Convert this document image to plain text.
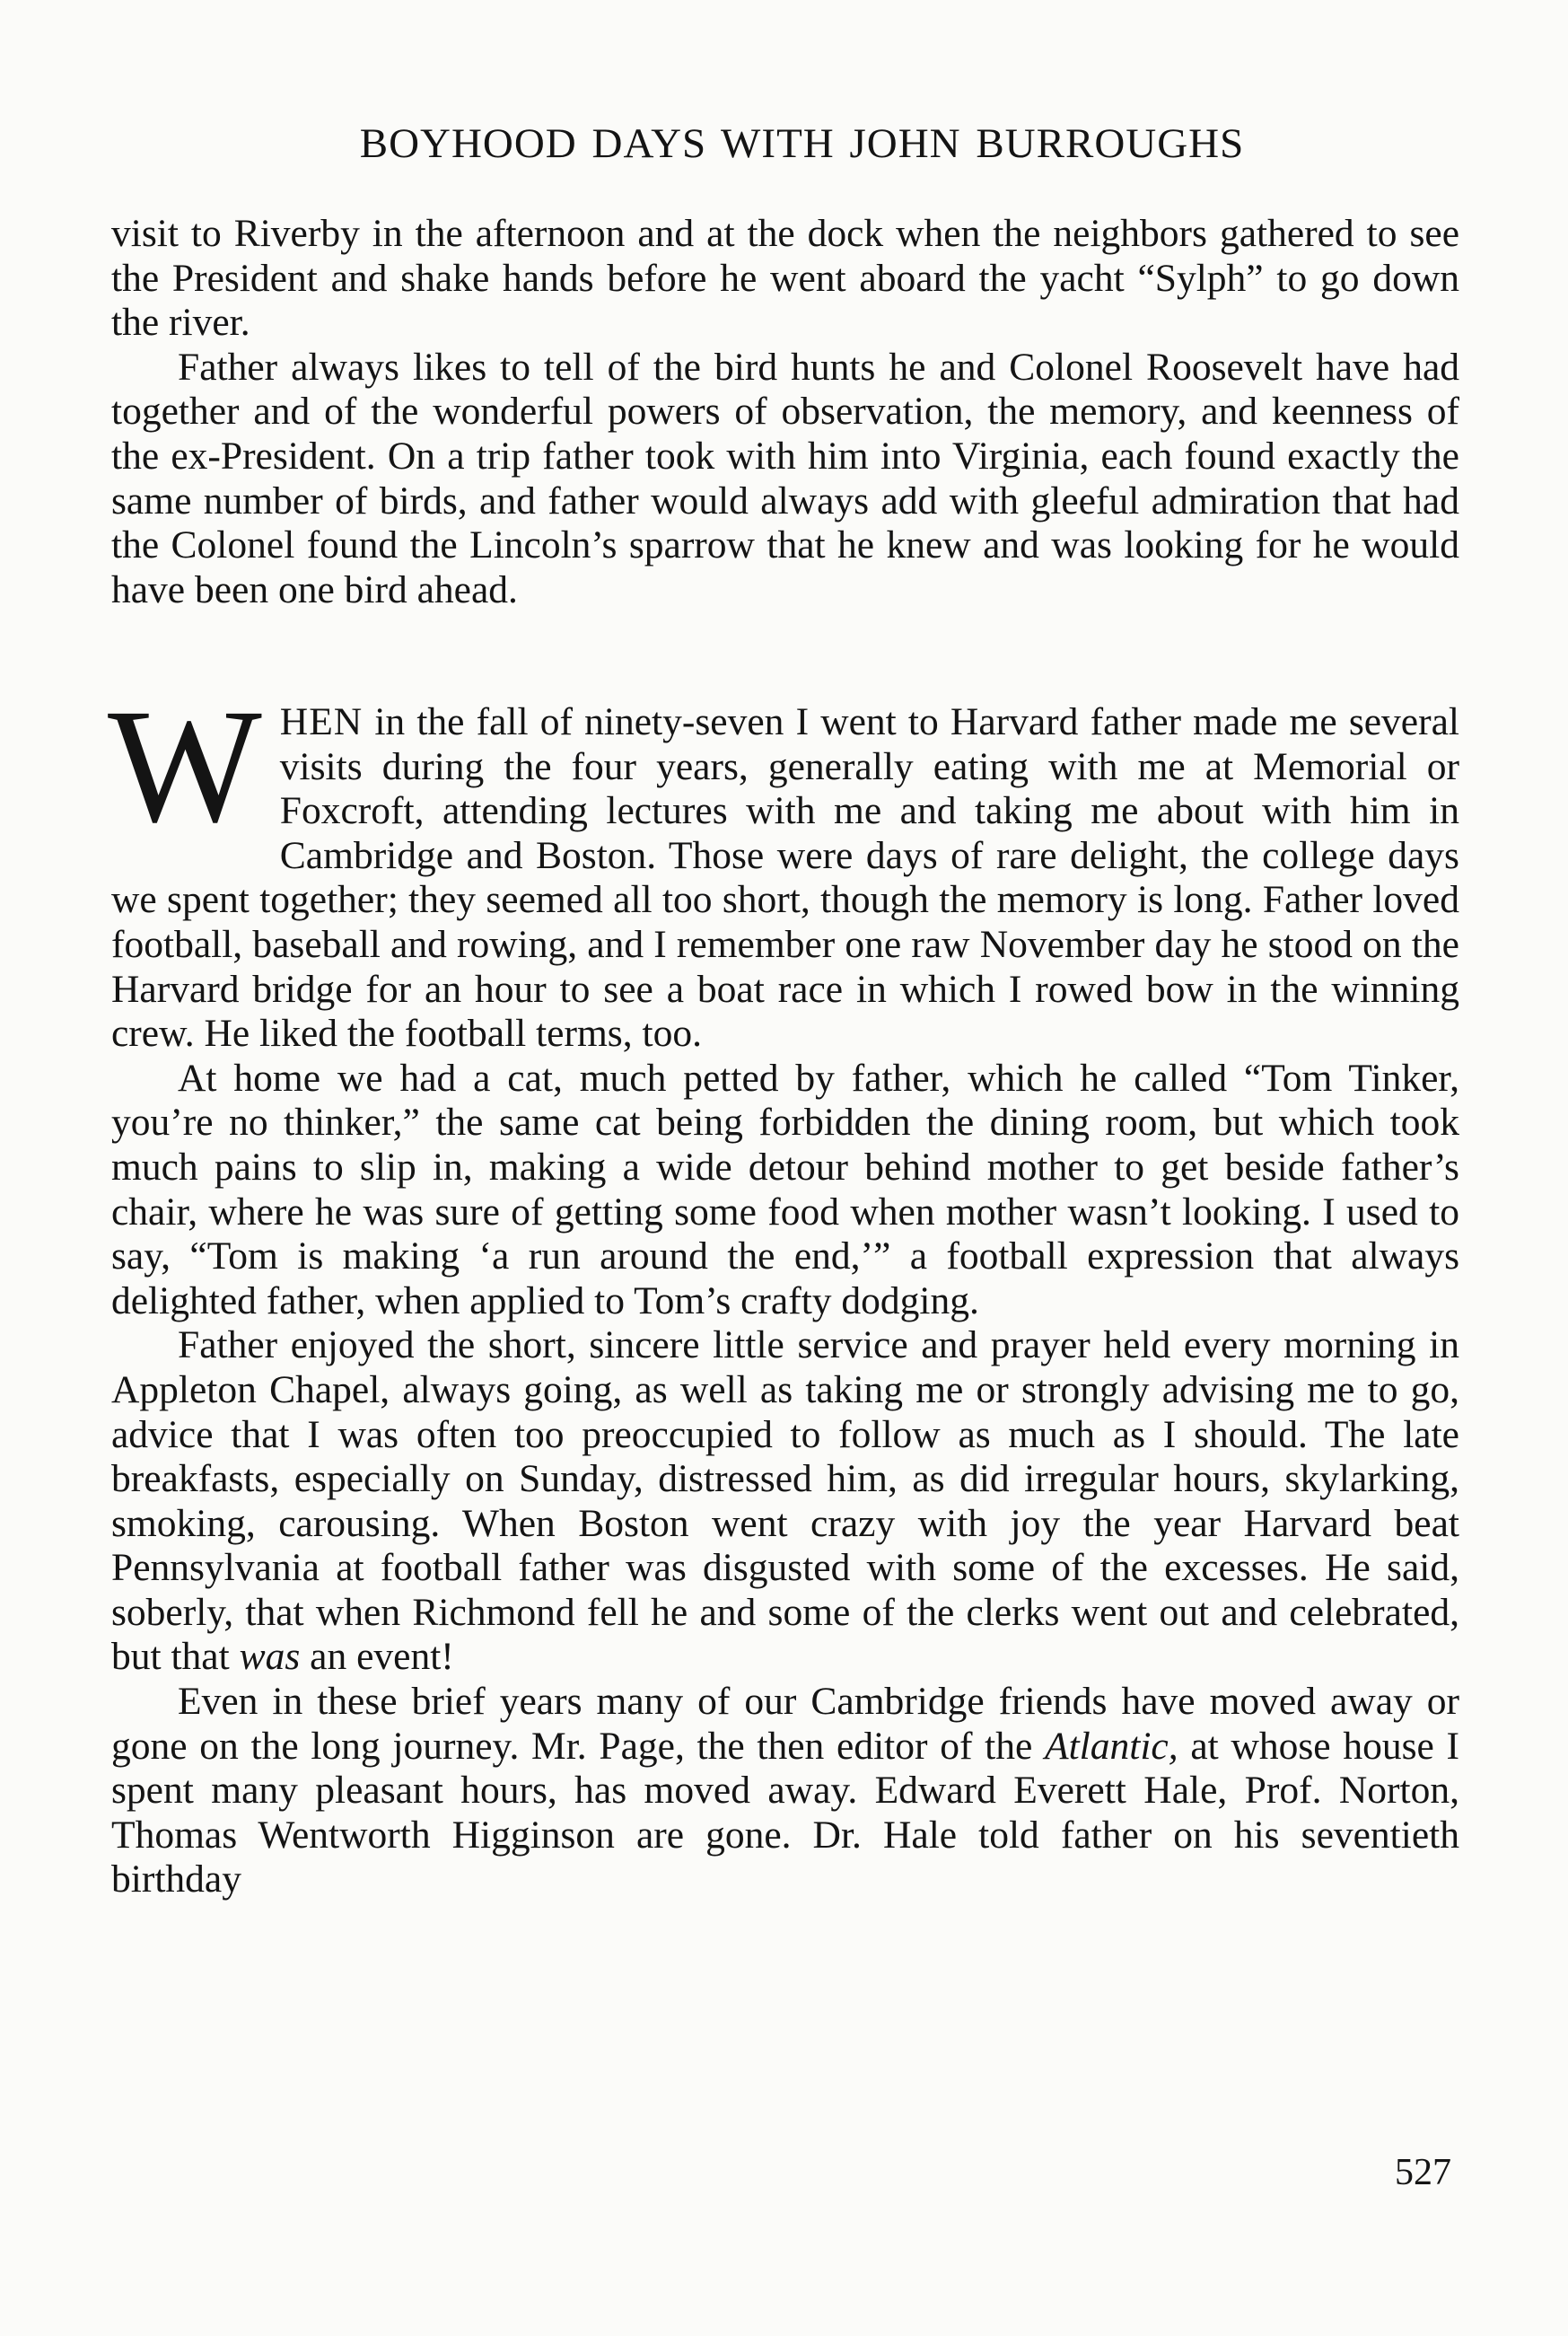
BOYHOOD DAYS WITH JOHN BURROUGHS

visit to Riverby in the afternoon and at the dock when the neighbors gathered to see the President and shake hands before he went aboard the yacht “Sylph” to go down the river.

Father always likes to tell of the bird hunts he and Colonel Roosevelt have had together and of the wonderful powers of observation, the memory, and keenness of the ex-President. On a trip father took with him into Virginia, each found exactly the same number of birds, and father would always add with gleeful admiration that had the Colonel found the Lincoln’s sparrow that he knew and was looking for he would have been one bird ahead.

WHEN in the fall of ninety-seven I went to Harvard father made me several visits during the four years, generally eating with me at Memorial or Foxcroft, attending lectures with me and taking me about with him in Cambridge and Boston. Those were days of rare delight, the college days we spent together; they seemed all too short, though the memory is long. Father loved football, baseball and rowing, and I remember one raw November day he stood on the Harvard bridge for an hour to see a boat race in which I rowed bow in the winning crew. He liked the football terms, too.

At home we had a cat, much petted by father, which he called “Tom Tinker, you’re no thinker,” the same cat being forbidden the dining room, but which took much pains to slip in, making a wide detour behind mother to get beside father’s chair, where he was sure of getting some food when mother wasn’t looking. I used to say, “Tom is making ‘a run around the end,’” a football expression that always delighted father, when applied to Tom’s crafty dodging.

Father enjoyed the short, sincere little service and prayer held every morning in Appleton Chapel, always going, as well as taking me or strongly advising me to go, advice that I was often too preoccupied to follow as much as I should. The late breakfasts, especially on Sunday, distressed him, as did irregular hours, skylarking, smoking, carousing. When Boston went crazy with joy the year Harvard beat Pennsylvania at football father was disgusted with some of the excesses. He said, soberly, that when Richmond fell he and some of the clerks went out and celebrated, but that was an event!

Even in these brief years many of our Cambridge friends have moved away or gone on the long journey. Mr. Page, the then editor of the Atlantic, at whose house I spent many pleasant hours, has moved away. Edward Everett Hale, Prof. Norton, Thomas Wentworth Higginson are gone. Dr. Hale told father on his seventieth birthday

527
